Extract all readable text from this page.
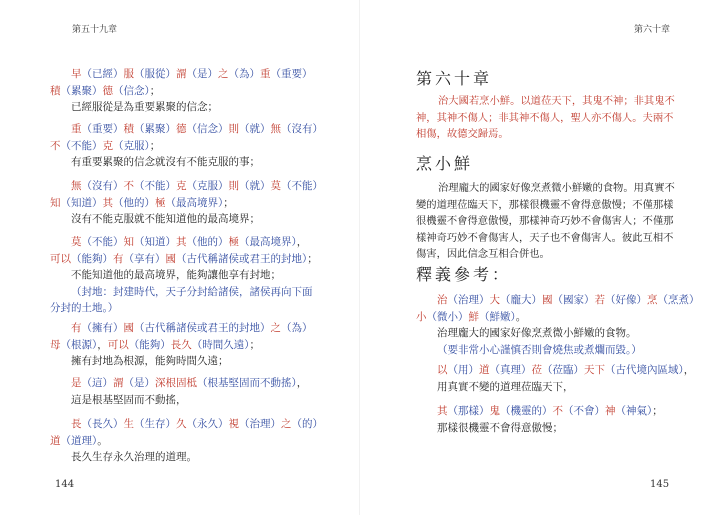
第五十九章

早（已經）服（服從）謂（是）之（為）重（重要）

積（累聚）德（信念）；

已經服從是為重要累聚的信念；

重（重要）積（累聚）德（信念）則（就）無（沒有）

不（不能）克（克服）；

有重要累聚的信念就沒有不能克服的事；

無（沒有）不（不能）克（克服）則（就）莫（不能）

知（知道）其（他的）極（最高境界）；

沒有不能克服就不能知道他的最高境界；

莫（不能）知（知道）其（他的）極（最高境界），

可以（能夠）有（享有）國（古代稱諸侯或君王的封地）；

不能知道他的最高境界，能夠讓他享有封地；

（封地：封建時代，天子分封給諸侯，諸侯再向下面

分封的土地。）

有（擁有）國（古代稱諸侯或君王的封地）之（為）

母（根源），可以（能夠）長久（時間久遠）；

擁有封地為根源，能夠時間久遠；

是（這）謂（是）深根固柢（根基堅固而不動搖），

這是根基堅固而不動搖，

長（長久）生（生存）久（永久）視（治理）之（的）

道（道理）。

長久生存永久治理的道理。

144
第六十章
第六十章

治大國若烹小鮮。以道莅天下，其鬼不神；非其鬼不

神，其神不傷人；非其神不傷人，聖人亦不傷人。夫兩不

相傷，故德交歸焉。

烹小鮮

治理龐大的國家好像烹煮微小鮮嫩的食物。用真實不

變的道理莅臨天下，那樣很機靈不會得意傲慢；不僅那樣

很機靈不會得意傲慢，那樣神奇巧妙不會傷害人；不僅那

樣神奇巧妙不會傷害人，天子也不會傷害人。彼此互相不

傷害，因此信念互相合併也。

釋義參考：

治（治理）大（龐大）國（國家）若（好像）烹（烹煮）

小（微小）鮮（鮮嫩）。

治理龐大的國家好像烹煮微小鮮嫩的食物。

（要非常小心謹慎否則會燒焦或煮爛而毀。）

以（用）道（真理）莅（莅臨）天下（古代境內區域），

用真實不變的道理莅臨天下，

其（那樣）鬼（機靈的）不（不會）神（神氣）；

那樣很機靈不會得意傲慢；

145
